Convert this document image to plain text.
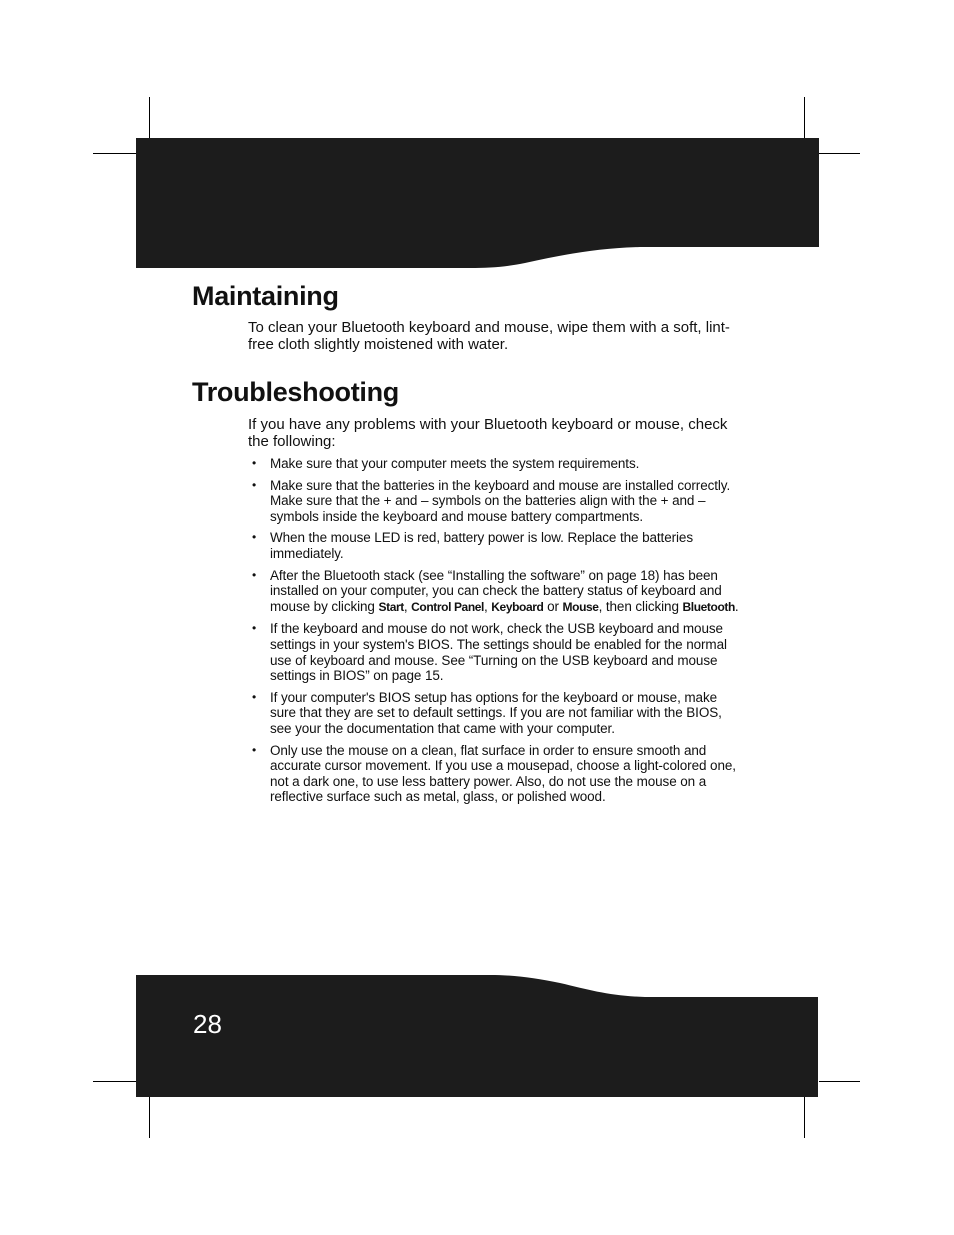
Maintaining

To clean your Bluetooth keyboard and mouse, wipe them with a soft, lint-free cloth slightly moistened with water.

Troubleshooting

If you have any problems with your Bluetooth keyboard or mouse, check the following:

• Make sure that your computer meets the system requirements.
• Make sure that the batteries in the keyboard and mouse are installed correctly. Make sure that the + and – symbols on the batteries align with the + and – symbols inside the keyboard and mouse battery compartments.
• When the mouse LED is red, battery power is low. Replace the batteries immediately.
• After the Bluetooth stack (see “Installing the software” on page 18) has been installed on your computer, you can check the battery status of keyboard and mouse by clicking Start, Control Panel, Keyboard or Mouse, then clicking Bluetooth.
• If the keyboard and mouse do not work, check the USB keyboard and mouse settings in your system's BIOS. The settings should be enabled for the normal use of keyboard and mouse. See “Turning on the USB keyboard and mouse settings in BIOS” on page 15.
• If your computer's BIOS setup has options for the keyboard or mouse, make sure that they are set to default settings. If you are not familiar with the BIOS, see your the documentation that came with your computer.
• Only use the mouse on a clean, flat surface in order to ensure smooth and accurate cursor movement. If you use a mousepad, choose a light-colored one, not a dark one, to use less battery power. Also, do not use the mouse on a reflective surface such as metal, glass, or polished wood.
28
